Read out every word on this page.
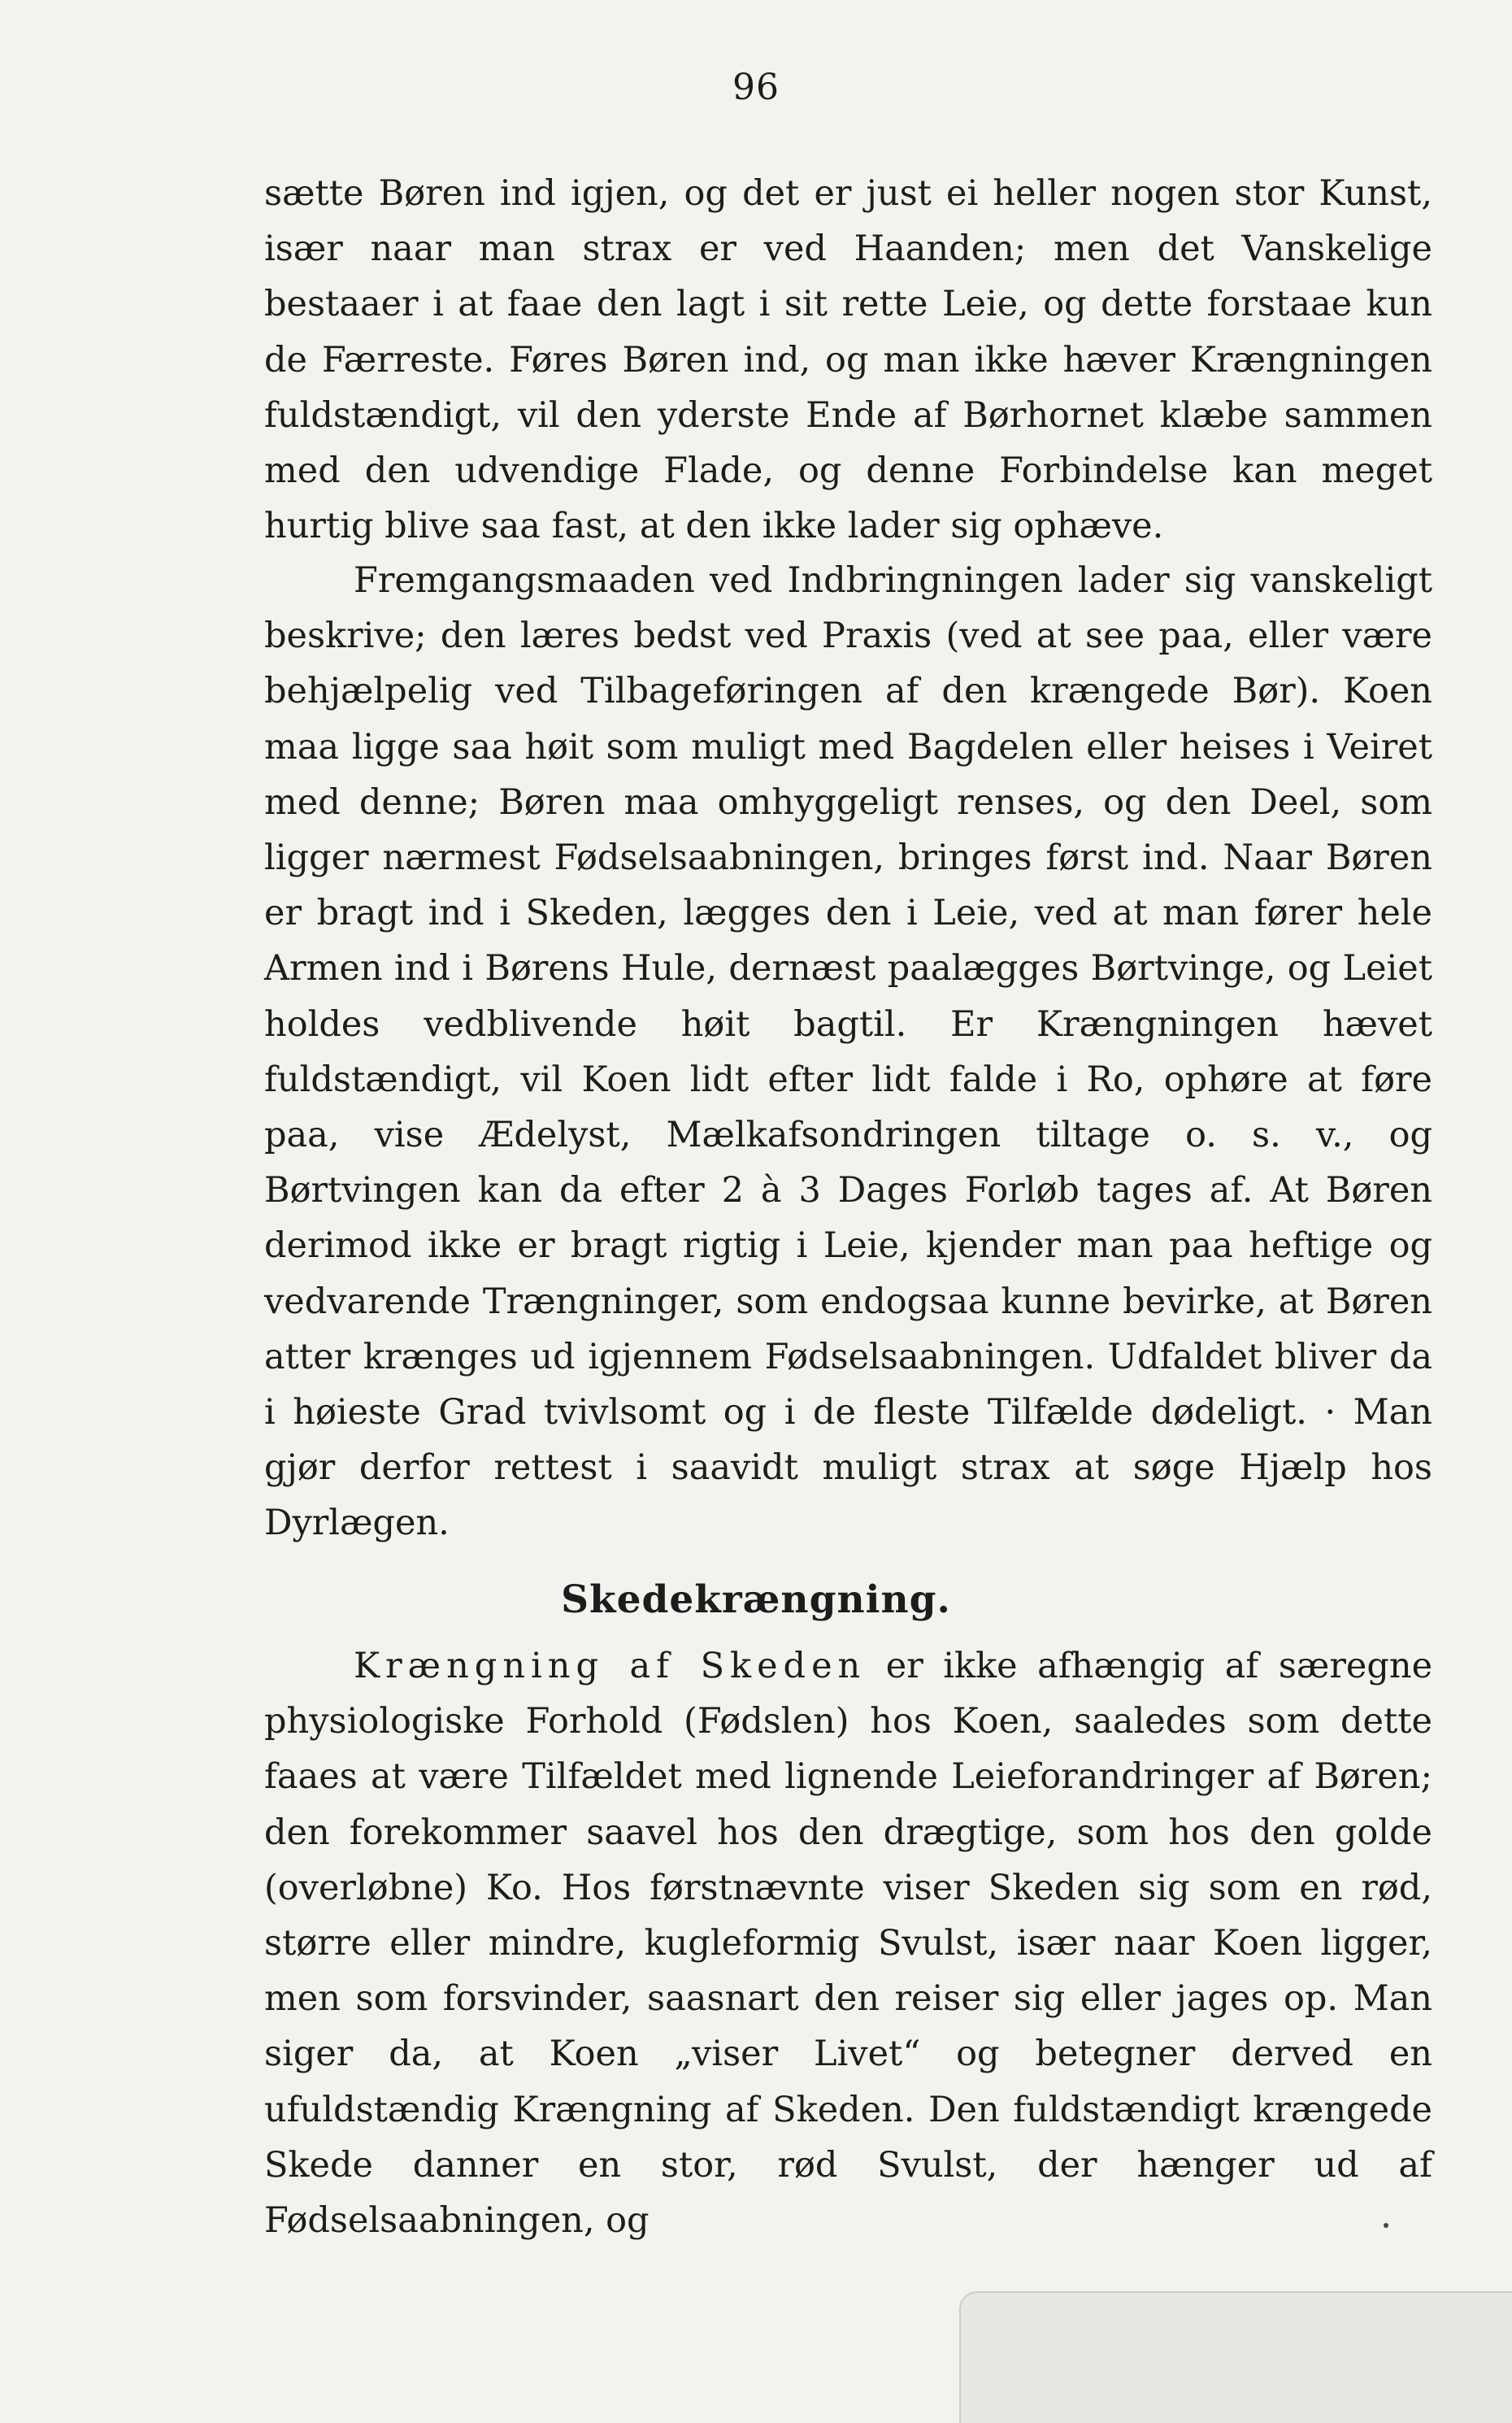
96

sætte Børen ind igjen, og det er just ei heller nogen stor Kunst, især naar man strax er ved Haanden; men det Vanskelige bestaaer i at faae den lagt i sit rette Leie, og dette forstaae kun de Færreste. Føres Børen ind, og man ikke hæver Krængningen fuldstændigt, vil den yderste Ende af Børhornet klæbe sammen med den udvendige Flade, og denne Forbindelse kan meget hurtig blive saa fast, at den ikke lader sig ophæve.

Fremgangsmaaden ved Indbringningen lader sig vanskeligt beskrive; den læres bedst ved Praxis (ved at see paa, eller være behjælpelig ved Tilbageføringen af den krængede Bør). Koen maa ligge saa høit som muligt med Bagdelen eller heises i Veiret med denne; Børen maa omhyggeligt renses, og den Deel, som ligger nærmest Fødselsaabningen, bringes først ind. Naar Børen er bragt ind i Skeden, lægges den i Leie, ved at man fører hele Armen ind i Børens Hule, dernæst paalægges Børtvinge, og Leiet holdes vedblivende høit bagtil. Er Krængningen hævet fuldstændigt, vil Koen lidt efter lidt falde i Ro, ophøre at føre paa, vise Ædelyst, Mælkafsondringen tiltage o. s. v., og Børtvingen kan da efter 2 à 3 Dages Forløb tages af. At Børen derimod ikke er bragt rigtig i Leie, kjender man paa heftige og vedvarende Trængninger, som endogsaa kunne bevirke, at Børen atter krænges ud igjennem Fødselsaabningen. Udfaldet bliver da i høieste Grad tvivlsomt og i de fleste Tilfælde dødeligt. · Man gjør derfor rettest i saavidt muligt strax at søge Hjælp hos Dyrlægen.

Skedekrængning.

Krængning af Skeden er ikke afhængig af særegne physiologiske Forhold (Fødslen) hos Koen, saaledes som dette faaes at være Tilfældet med lignende Leieforandringer af Børen; den forekommer saavel hos den drægtige, som hos den golde (overløbne) Ko. Hos førstnævnte viser Skeden sig som en rød, større eller mindre, kugleformig Svulst, især naar Koen ligger, men som forsvinder, saasnart den reiser sig eller jages op. Man siger da, at Koen „viser Livet“ og betegner derved en ufuldstændig Krængning af Skeden. Den fuldstændigt krængede Skede danner en stor, rød Svulst, der hænger ud af Fødselsaabningen, og
